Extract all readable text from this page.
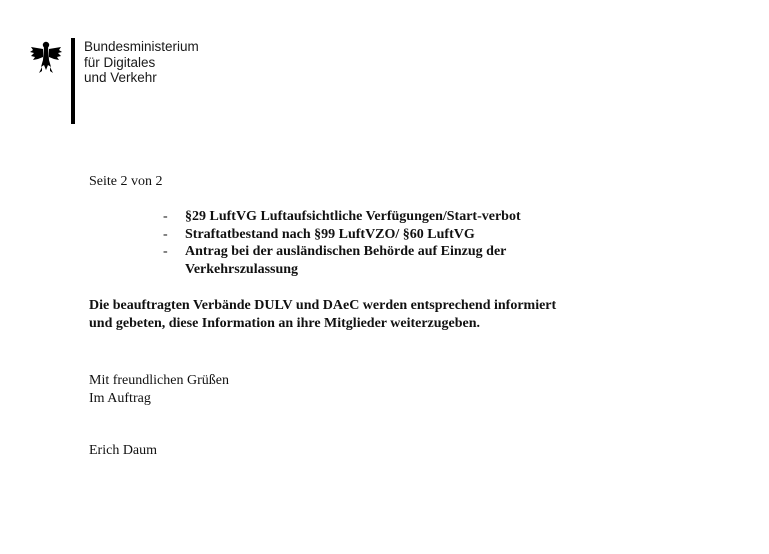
Bundesministerium
für Digitales
und Verkehr
Seite 2 von 2
- §29 LuftVG Luftaufsichtliche Verfügungen/Start-verbot
- Straftatbestand nach §99 LuftVZO/ §60 LuftVG
- Antrag bei der ausländischen Behörde auf Einzug der Verkehrszulassung
Die beauftragten Verbände DULV und DAeC werden entsprechend informiert und gebeten, diese Information an ihre Mitglieder weiterzugeben.
Mit freundlichen Grüßen
Im Auftrag
Erich Daum
